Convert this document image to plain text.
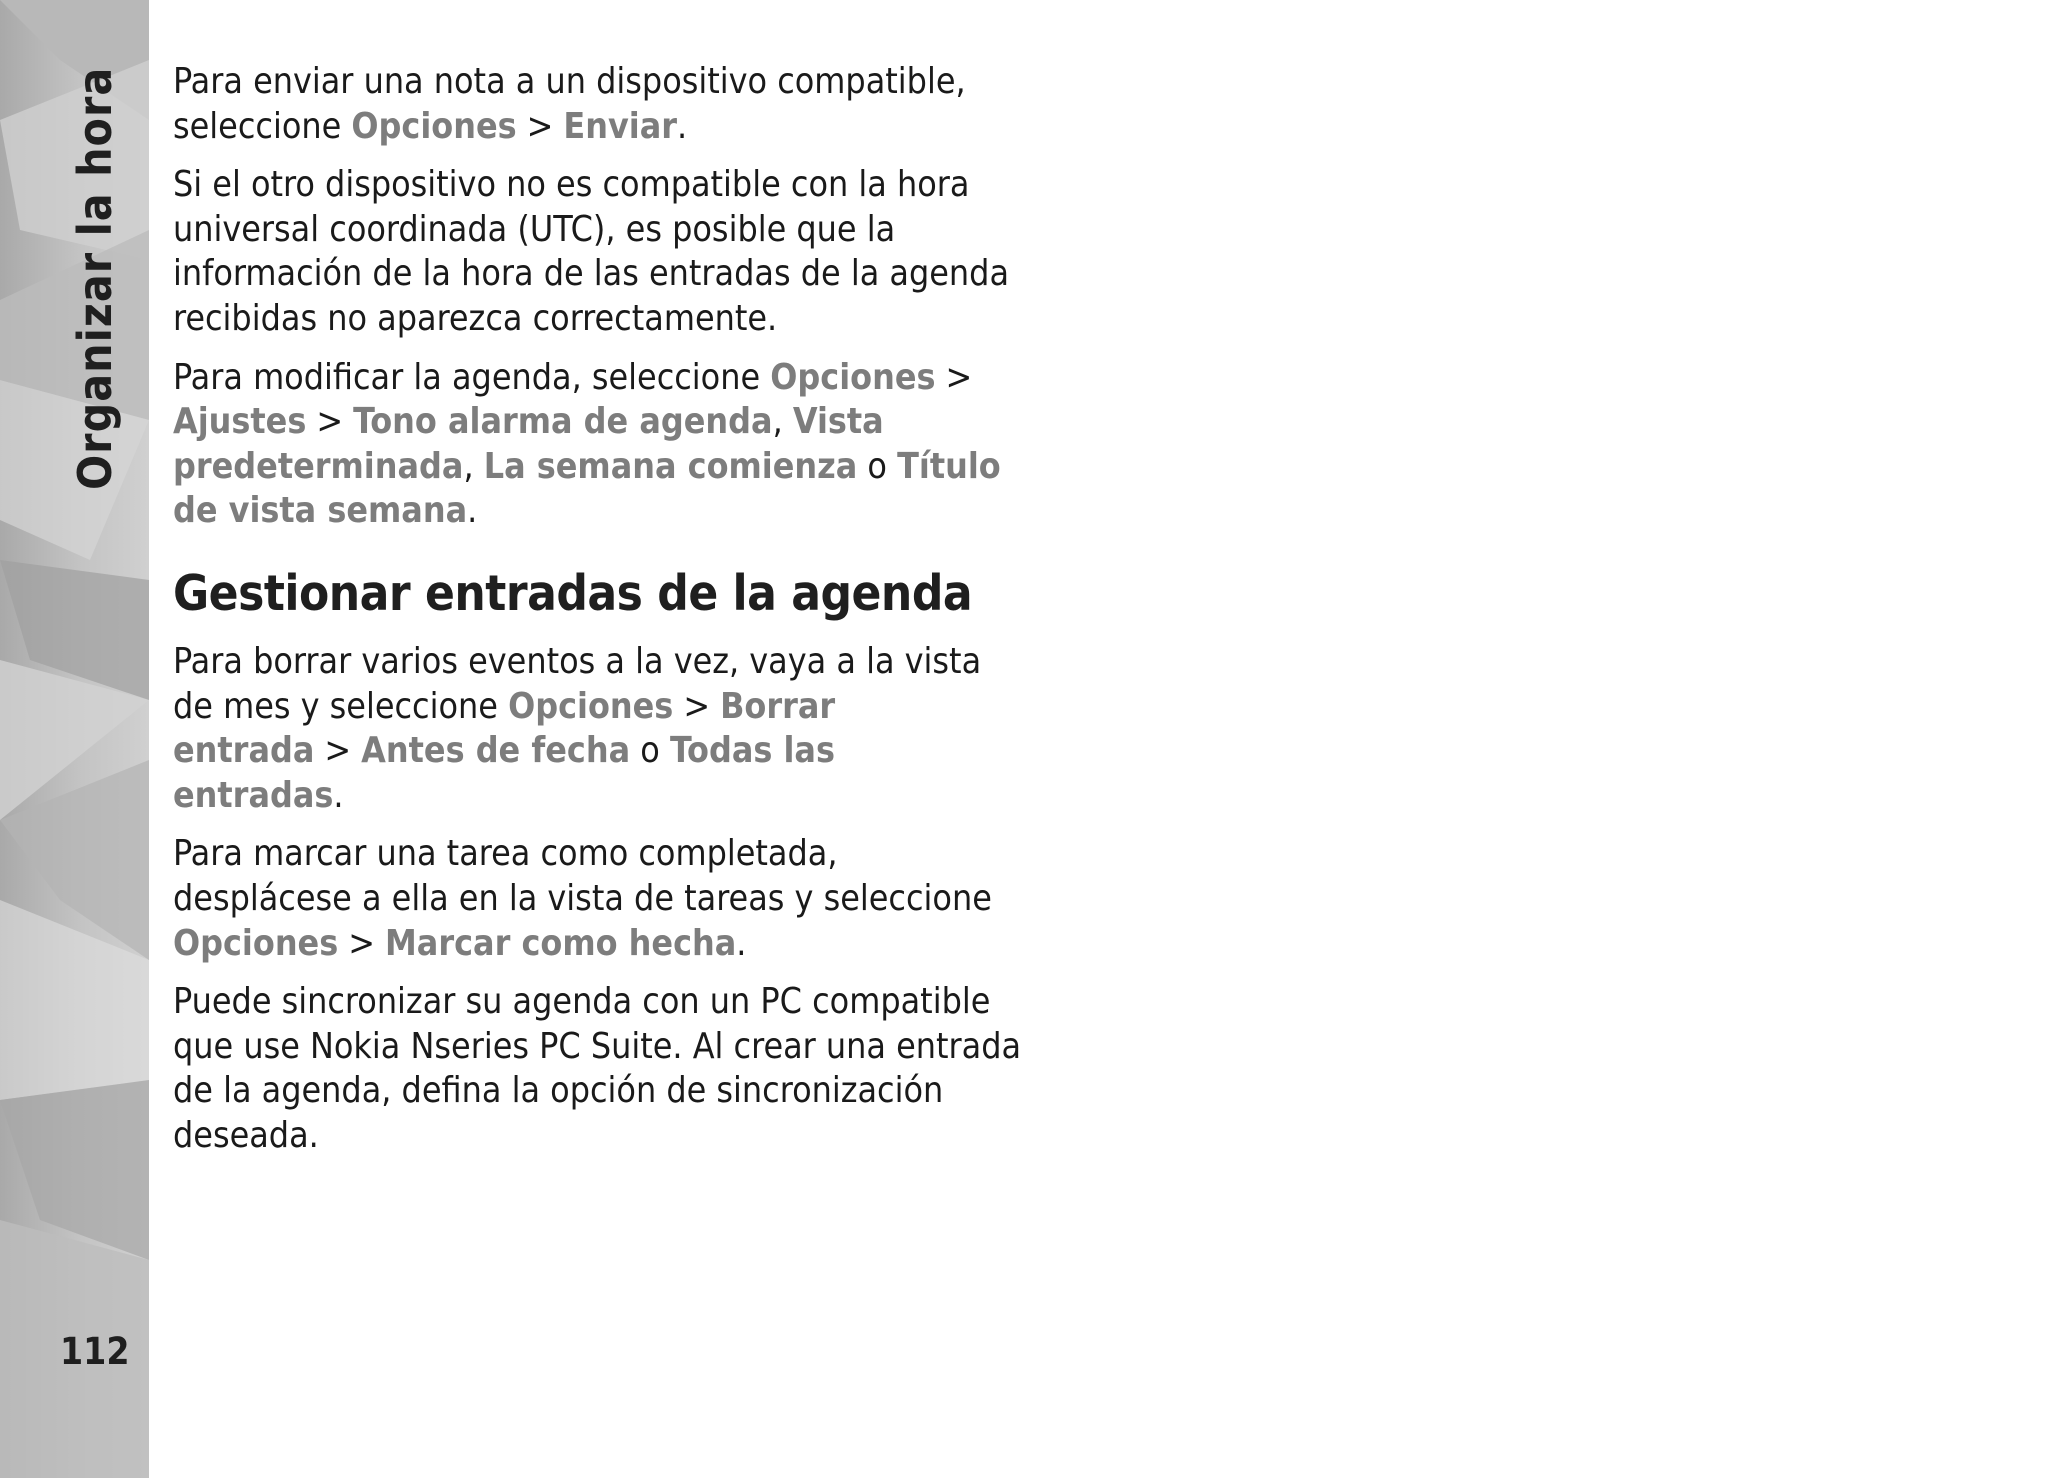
Organizar la hora
112

Para enviar una nota a un dispositivo compatible,
seleccione Opciones > Enviar.

Si el otro dispositivo no es compatible con la hora
universal coordinada (UTC), es posible que la
información de la hora de las entradas de la agenda
recibidas no aparezca correctamente.

Para modificar la agenda, seleccione Opciones >
Ajustes > Tono alarma de agenda, Vista
predeterminada, La semana comienza o Título
de vista semana.

Gestionar entradas de la agenda

Para borrar varios eventos a la vez, vaya a la vista
de mes y seleccione Opciones > Borrar
entrada > Antes de fecha o Todas las
entradas.

Para marcar una tarea como completada,
desplácese a ella en la vista de tareas y seleccione
Opciones > Marcar como hecha.

Puede sincronizar su agenda con un PC compatible
que use Nokia Nseries PC Suite. Al crear una entrada
de la agenda, defina la opción de sincronización
deseada.
